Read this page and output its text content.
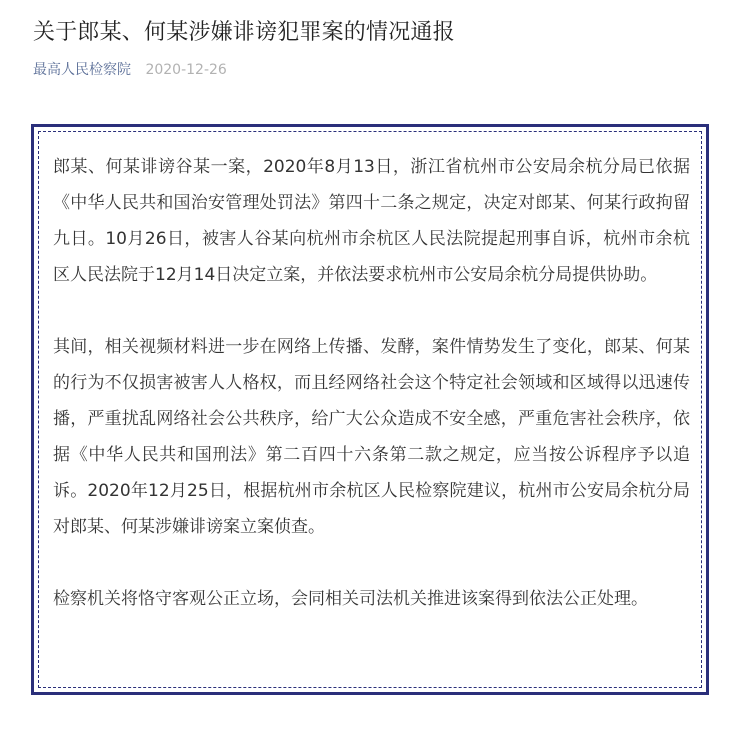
关于郎某、何某涉嫌诽谤犯罪案的情况通报
最高人民检察院 2020-12-26

郎某、何某诽谤谷某一案，2020年8月13日，浙江省杭州市公安局余杭分局已依据《中华人民共和国治安管理处罚法》第四十二条之规定，决定对郎某、何某行政拘留九日。10月26日，被害人谷某向杭州市余杭区人民法院提起刑事自诉，杭州市余杭区人民法院于12月14日决定立案，并依法要求杭州市公安局余杭分局提供协助。

其间，相关视频材料进一步在网络上传播、发酵，案件情势发生了变化，郎某、何某的行为不仅损害被害人人格权，而且经网络社会这个特定社会领域和区域得以迅速传播，严重扰乱网络社会公共秩序，给广大公众造成不安全感，严重危害社会秩序，依据《中华人民共和国刑法》第二百四十六条第二款之规定，应当按公诉程序予以追诉。2020年12月25日，根据杭州市余杭区人民检察院建议，杭州市公安局余杭分局对郎某、何某涉嫌诽谤案立案侦查。

检察机关将恪守客观公正立场，会同相关司法机关推进该案得到依法公正处理。
